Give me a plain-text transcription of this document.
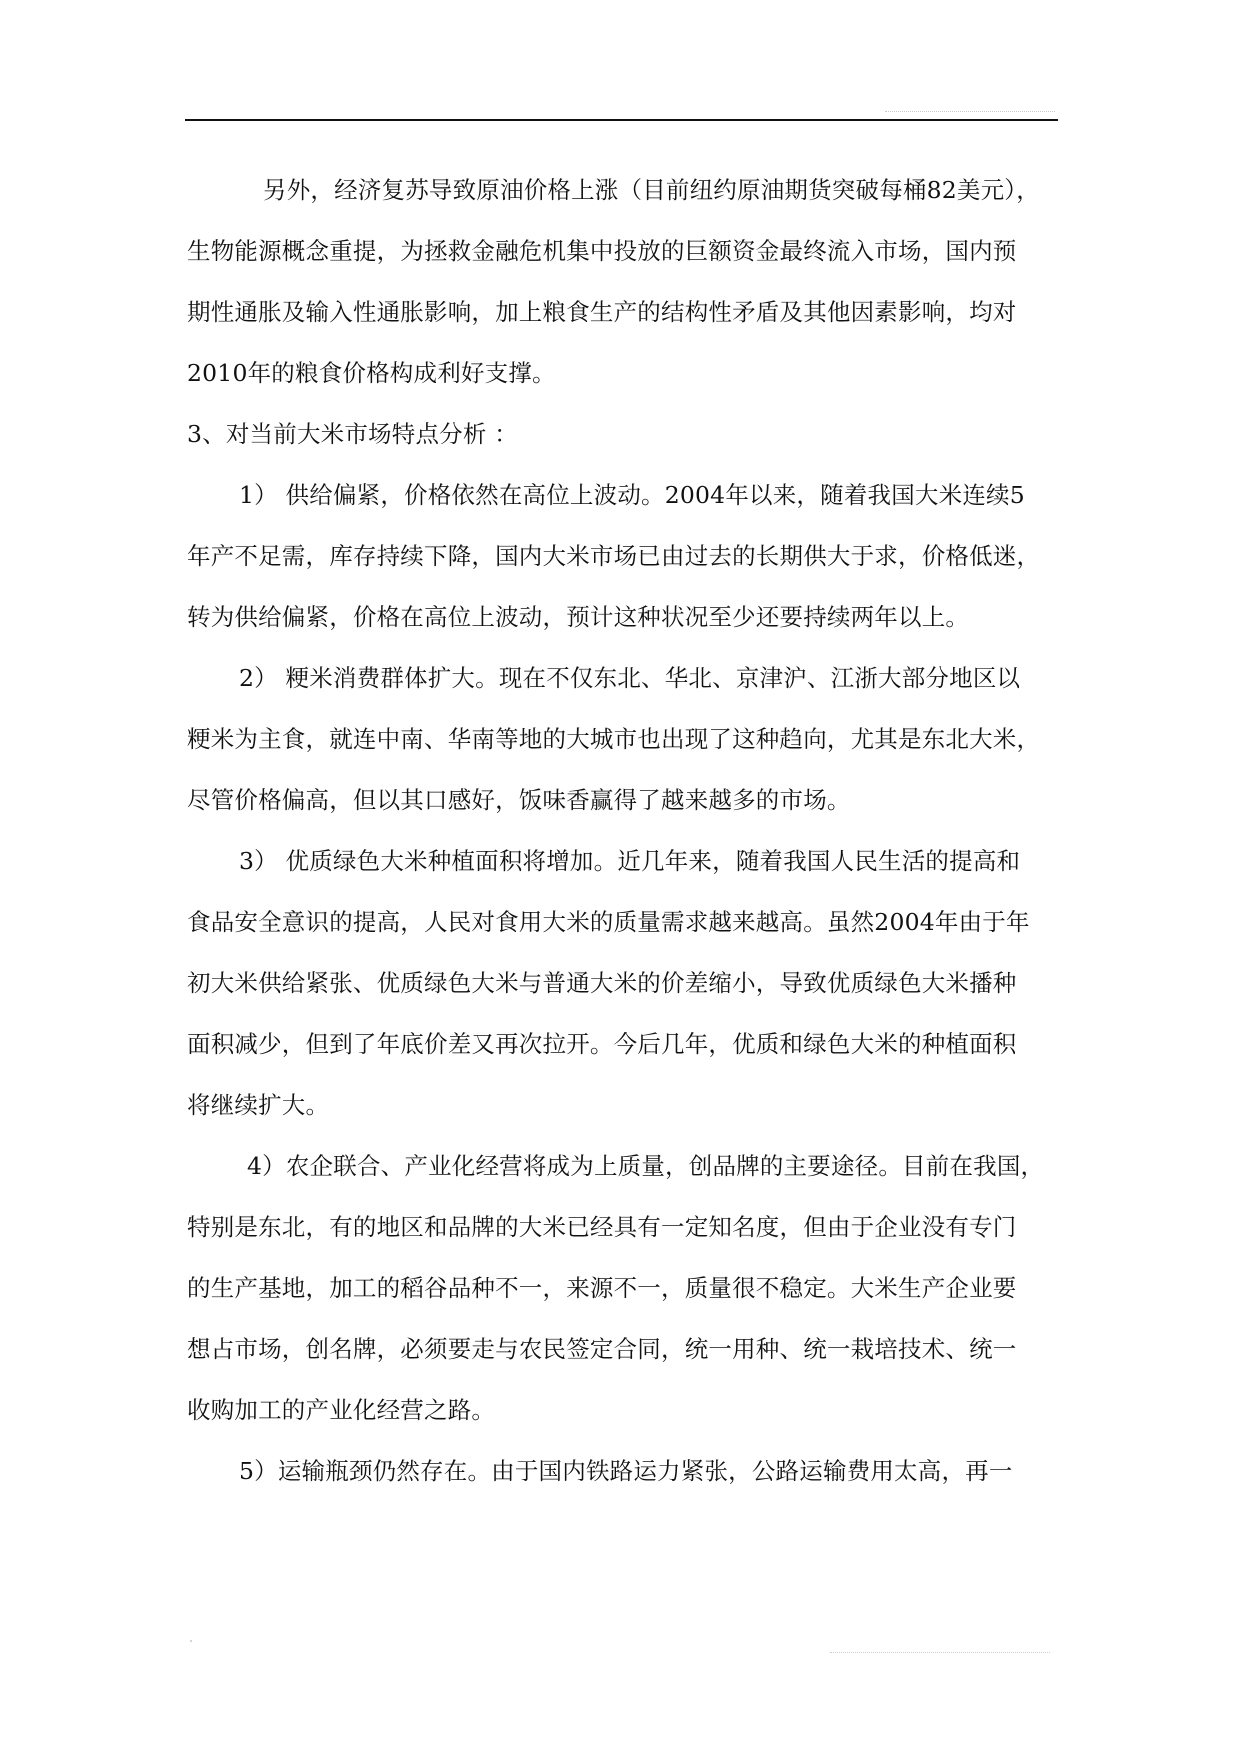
另外，经济复苏导致原油价格上涨（目前纽约原油期货突破每桶82美元），
生物能源概念重提，为拯救金融危机集中投放的巨额资金最终流入市场，国内预
期性通胀及输入性通胀影响，加上粮食生产的结构性矛盾及其他因素影响，均对
2010年的粮食价格构成利好支撑。
3、对当前大米市场特点分析 ：
1） 供给偏紧，价格依然在高位上波动。2004年以来，随着我国大米连续5
年产不足需，库存持续下降，国内大米市场已由过去的长期供大于求，价格低迷，
转为供给偏紧，价格在高位上波动，预计这种状况至少还要持续两年以上。
2） 粳米消费群体扩大。现在不仅东北、华北、京津沪、江浙大部分地区以
粳米为主食，就连中南、华南等地的大城市也出现了这种趋向，尤其是东北大米，
尽管价格偏高，但以其口感好，饭味香赢得了越来越多的市场。
3） 优质绿色大米种植面积将增加。近几年来，随着我国人民生活的提高和
食品安全意识的提高，人民对食用大米的质量需求越来越高。虽然2004年由于年
初大米供给紧张、优质绿色大米与普通大米的价差缩小，导致优质绿色大米播种
面积减少，但到了年底价差又再次拉开。今后几年，优质和绿色大米的种植面积
将继续扩大。
4）农企联合、产业化经营将成为上质量，创品牌的主要途径。目前在我国，
特别是东北，有的地区和品牌的大米已经具有一定知名度，但由于企业没有专门
的生产基地，加工的稻谷品种不一，来源不一，质量很不稳定。大米生产企业要
想占市场，创名牌，必须要走与农民签定合同，统一用种、统一栽培技术、统一
收购加工的产业化经营之路。
5）运输瓶颈仍然存在。由于国内铁路运力紧张，公路运输费用太高，再一
